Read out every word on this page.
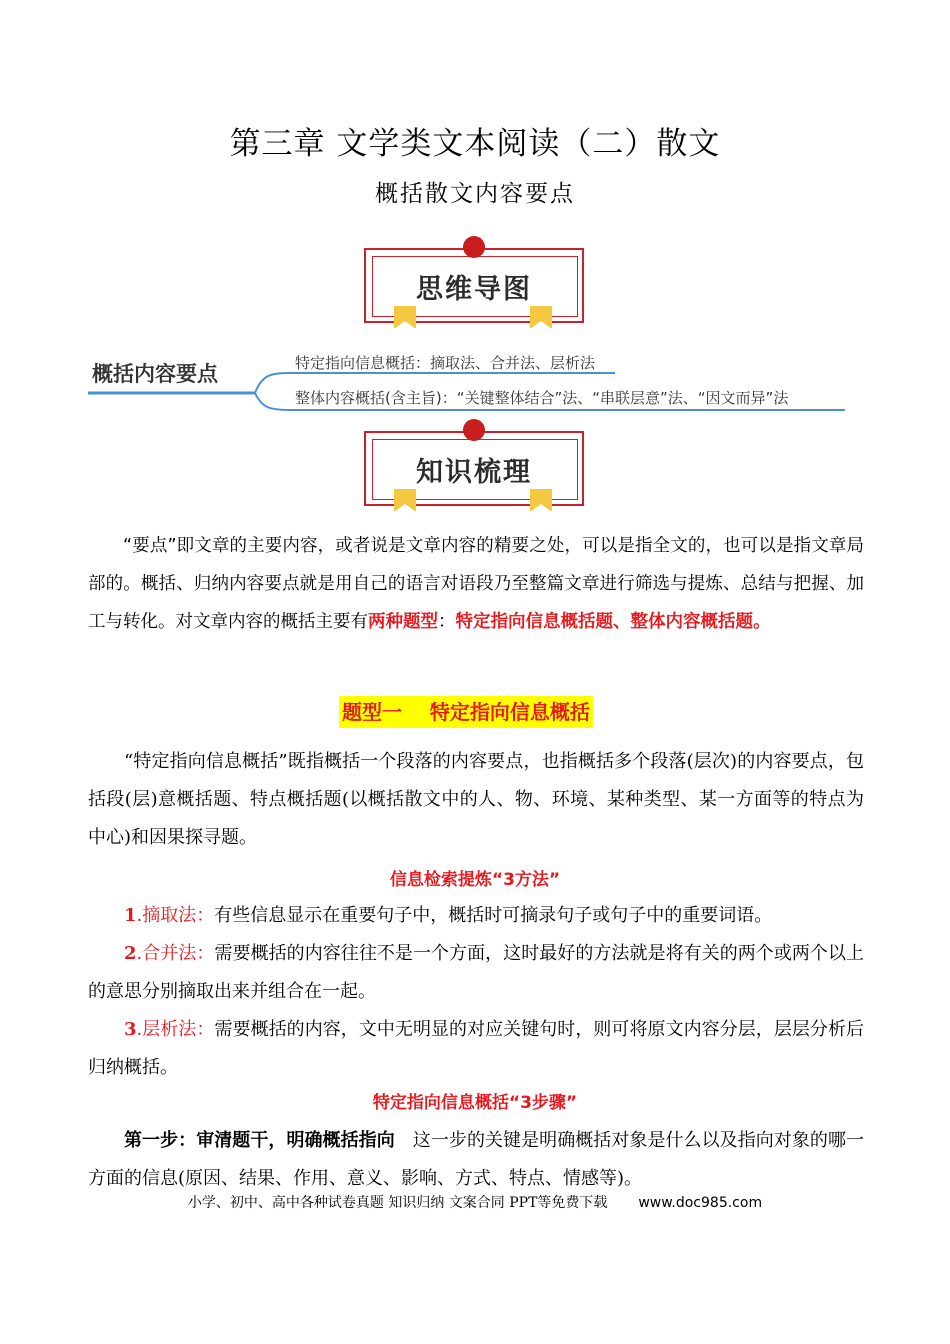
第三章 文学类文本阅读（二）散文
概括散文内容要点
思维导图
概括内容要点	特定指向信息概括：摘取法、合并法、层析法
整体内容概括(含主旨)：“关键整体结合”法、“串联层意”法、“因文而异”法
知识梳理
“要点”即文章的主要内容，或者说是文章内容的精要之处，可以是指全文的，也可以是指文章局部的。概括、归纳内容要点就是用自己的语言对语段乃至整篇文章进行筛选与提炼、总结与把握、加工与转化。对文章内容的概括主要有两种题型：特定指向信息概括题、整体内容概括题。
题型一    特定指向信息概括
“特定指向信息概括”既指概括一个段落的内容要点，也指概括多个段落(层次)的内容要点，包括段(层)意概括题、特点概括题(以概括散文中的人、物、环境、某种类型、某一方面等的特点为中心)和因果探寻题。
信息检索提炼“3方法”
1.摘取法：有些信息显示在重要句子中，概括时可摘录句子或句子中的重要词语。
2.合并法：需要概括的内容往往不是一个方面，这时最好的方法就是将有关的两个或两个以上的意思分别摘取出来并组合在一起。
3.层析法：需要概括的内容，文中无明显的对应关键句时，则可将原文内容分层，层层分析后归纳概括。
特定指向信息概括“3步骤”
第一步：审清题干，明确概括指向  这一步的关键是明确概括对象是什么以及指向对象的哪一方面的信息(原因、结果、作用、意义、影响、方式、特点、情感等)。
小学、初中、高中各种试卷真题 知识归纳 文案合同 PPT等免费下载 www.doc985.com
